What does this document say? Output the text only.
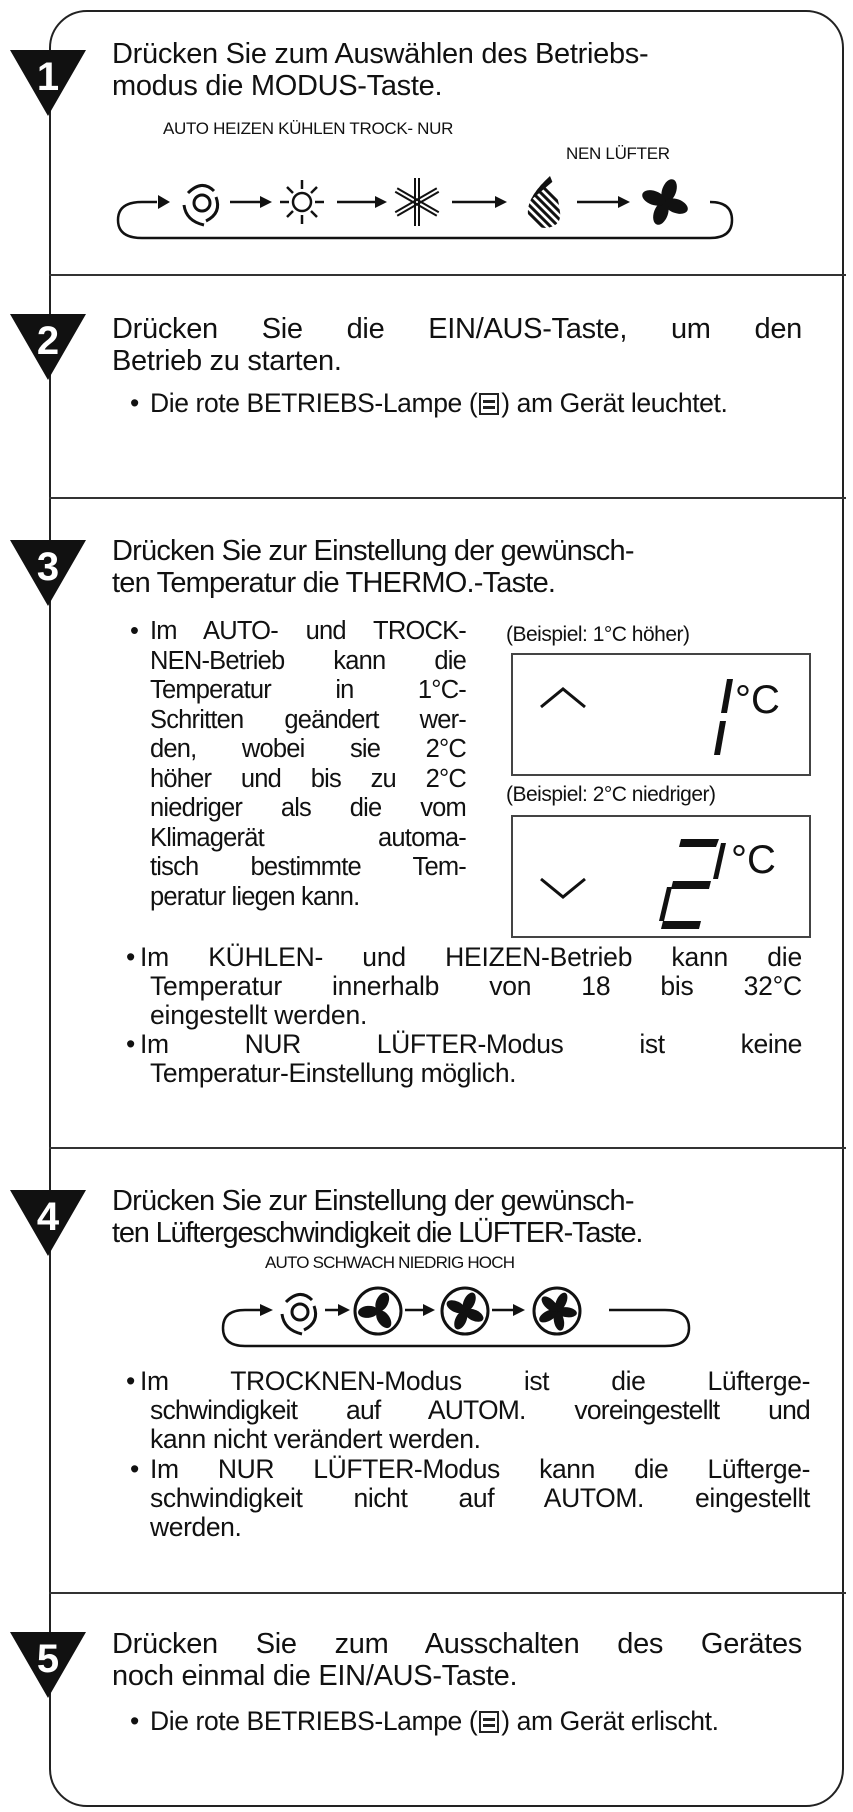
1
Drücken Sie zum Auswählen des Betriebs-
modus die MODUS-Taste.
AUTO HEIZEN KÜHLEN TROCK- NUR
NEN LÜFTER
2 Drücken Sie die EIN/AUS-Taste, um den
Betrieb zu starten.
• Die rote BETRIEBS-Lampe ( ) am Gerät leuchtet.
3 Drücken Sie zur Einstellung der gewünsch-
ten Temperatur die THERMO.-Taste.
• Im AUTO- und TROCK-
NEN-Betrieb kann die
Temperatur in 1°C-
Schritten geändert wer-
den, wobei sie 2°C
höher und bis zu 2°C
niedriger als die vom
Klimagerät automa-
tisch bestimmte Tem-
peratur liegen kann.
(Beispiel: 1°C höher)
°C
(Beispiel: 2°C niedriger)
°C
• Im KÜHLEN- und HEIZEN-Betrieb kann die
Temperatur innerhalb von 18 bis 32°C
eingestellt werden.
• Im NUR LÜFTER-Modus ist keine
Temperatur-Einstellung möglich.
4 Drücken Sie zur Einstellung der gewünsch-
ten Lüftergeschwindigkeit die LÜFTER-Taste.
AUTO SCHWACH NIEDRIG HOCH
• Im TROCKNEN-Modus ist die Lüfterge-
schwindigkeit auf AUTOM. voreingestellt und
kann nicht verändert werden.
• Im NUR LÜFTER-Modus kann die Lüfterge-
schwindigkeit nicht auf AUTOM. eingestellt
werden.
5 Drücken Sie zum Ausschalten des Gerätes
noch einmal die EIN/AUS-Taste.
• Die rote BETRIEBS-Lampe ( ) am Gerät erlischt.
